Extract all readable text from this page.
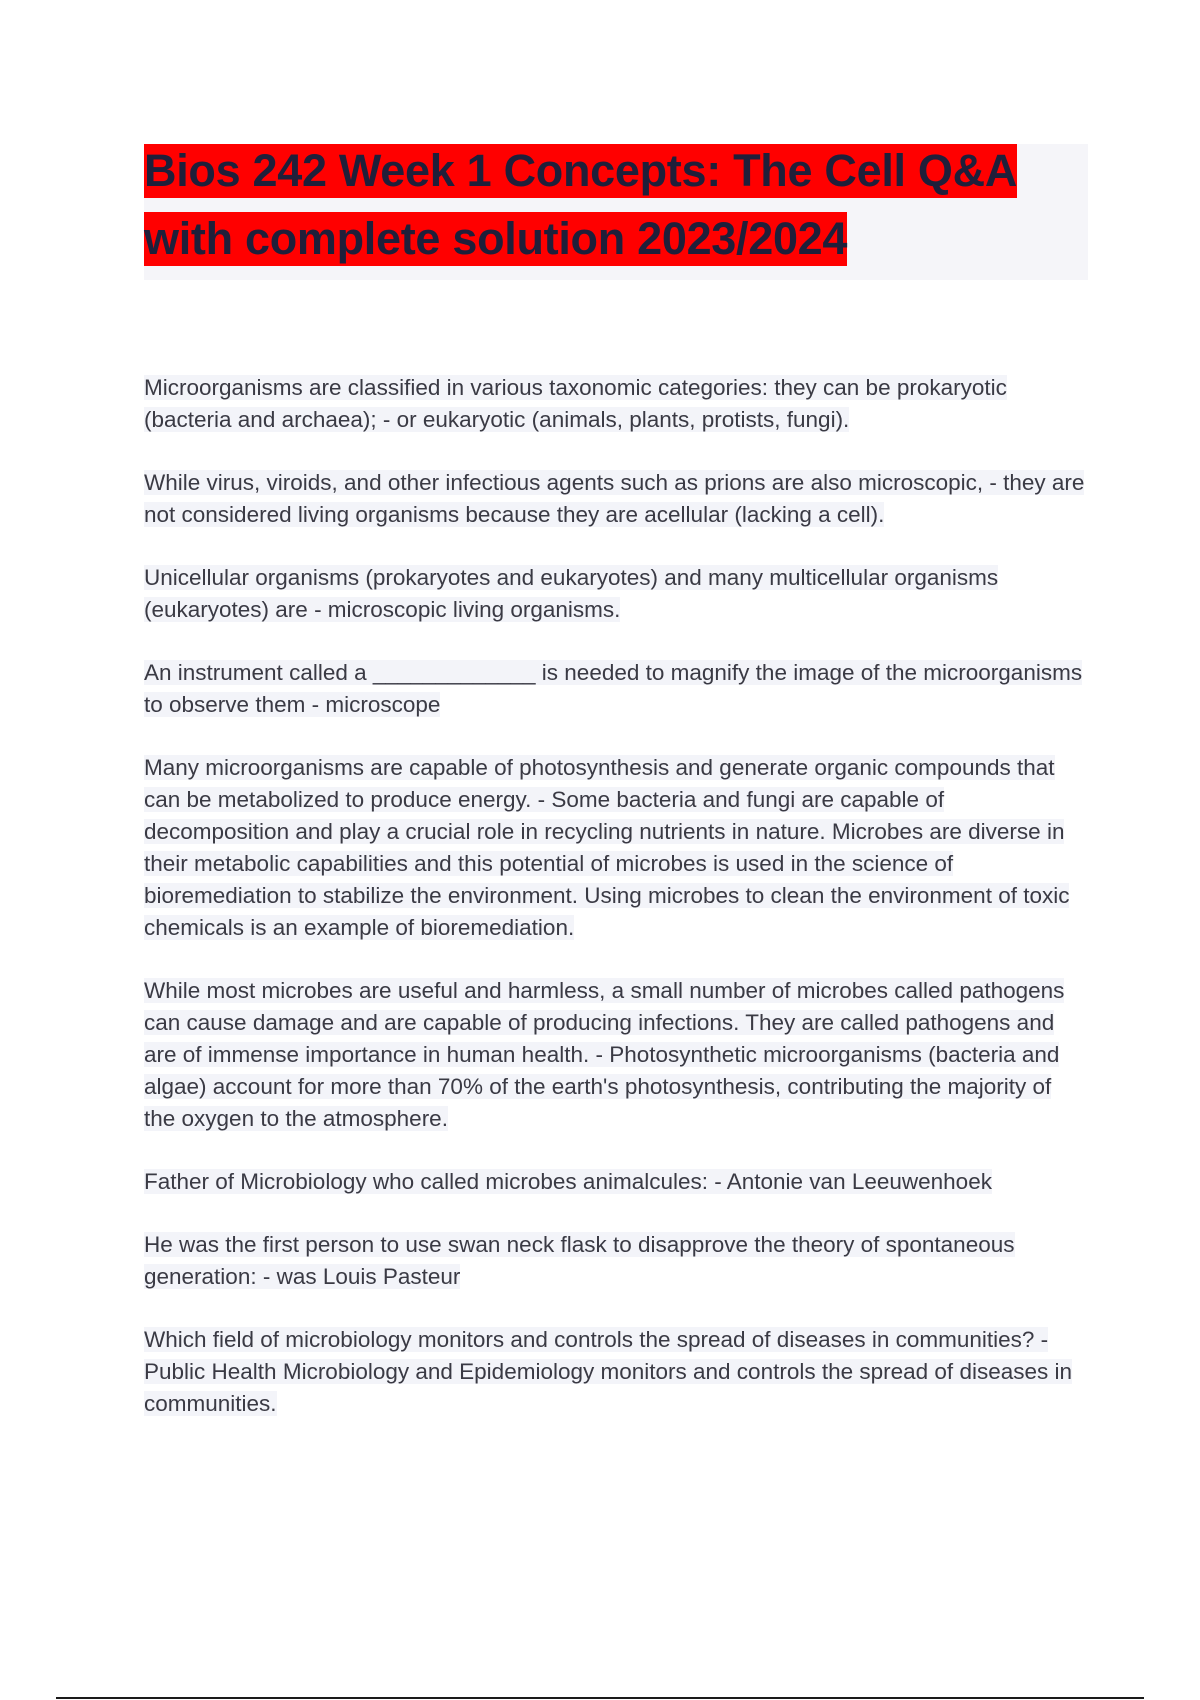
Bios 242 Week 1 Concepts: The Cell Q&A
with complete solution 2023/2024

Microorganisms are classified in various taxonomic categories: they can be prokaryotic (bacteria and archaea); - or eukaryotic (animals, plants, protists, fungi).

While virus, viroids, and other infectious agents such as prions are also microscopic, - they are not considered living organisms because they are acellular (lacking a cell).

Unicellular organisms (prokaryotes and eukaryotes) and many multicellular organisms (eukaryotes) are - microscopic living organisms.

An instrument called a _____________ is needed to magnify the image of the microorganisms to observe them - microscope

Many microorganisms are capable of photosynthesis and generate organic compounds that can be metabolized to produce energy. - Some bacteria and fungi are capable of decomposition and play a crucial role in recycling nutrients in nature. Microbes are diverse in their metabolic capabilities and this potential of microbes is used in the science of bioremediation to stabilize the environment. Using microbes to clean the environment of toxic chemicals is an example of bioremediation.

While most microbes are useful and harmless, a small number of microbes called pathogens can cause damage and are capable of producing infections. They are called pathogens and are of immense importance in human health. - Photosynthetic microorganisms (bacteria and algae) account for more than 70% of the earth's photosynthesis, contributing the majority of the oxygen to the atmosphere.

Father of Microbiology who called microbes animalcules: - Antonie van Leeuwenhoek

He was the first person to use swan neck flask to disapprove the theory of spontaneous generation: - was Louis Pasteur

Which field of microbiology monitors and controls the spread of diseases in communities? - Public Health Microbiology and Epidemiology monitors and controls the spread of diseases in communities.
